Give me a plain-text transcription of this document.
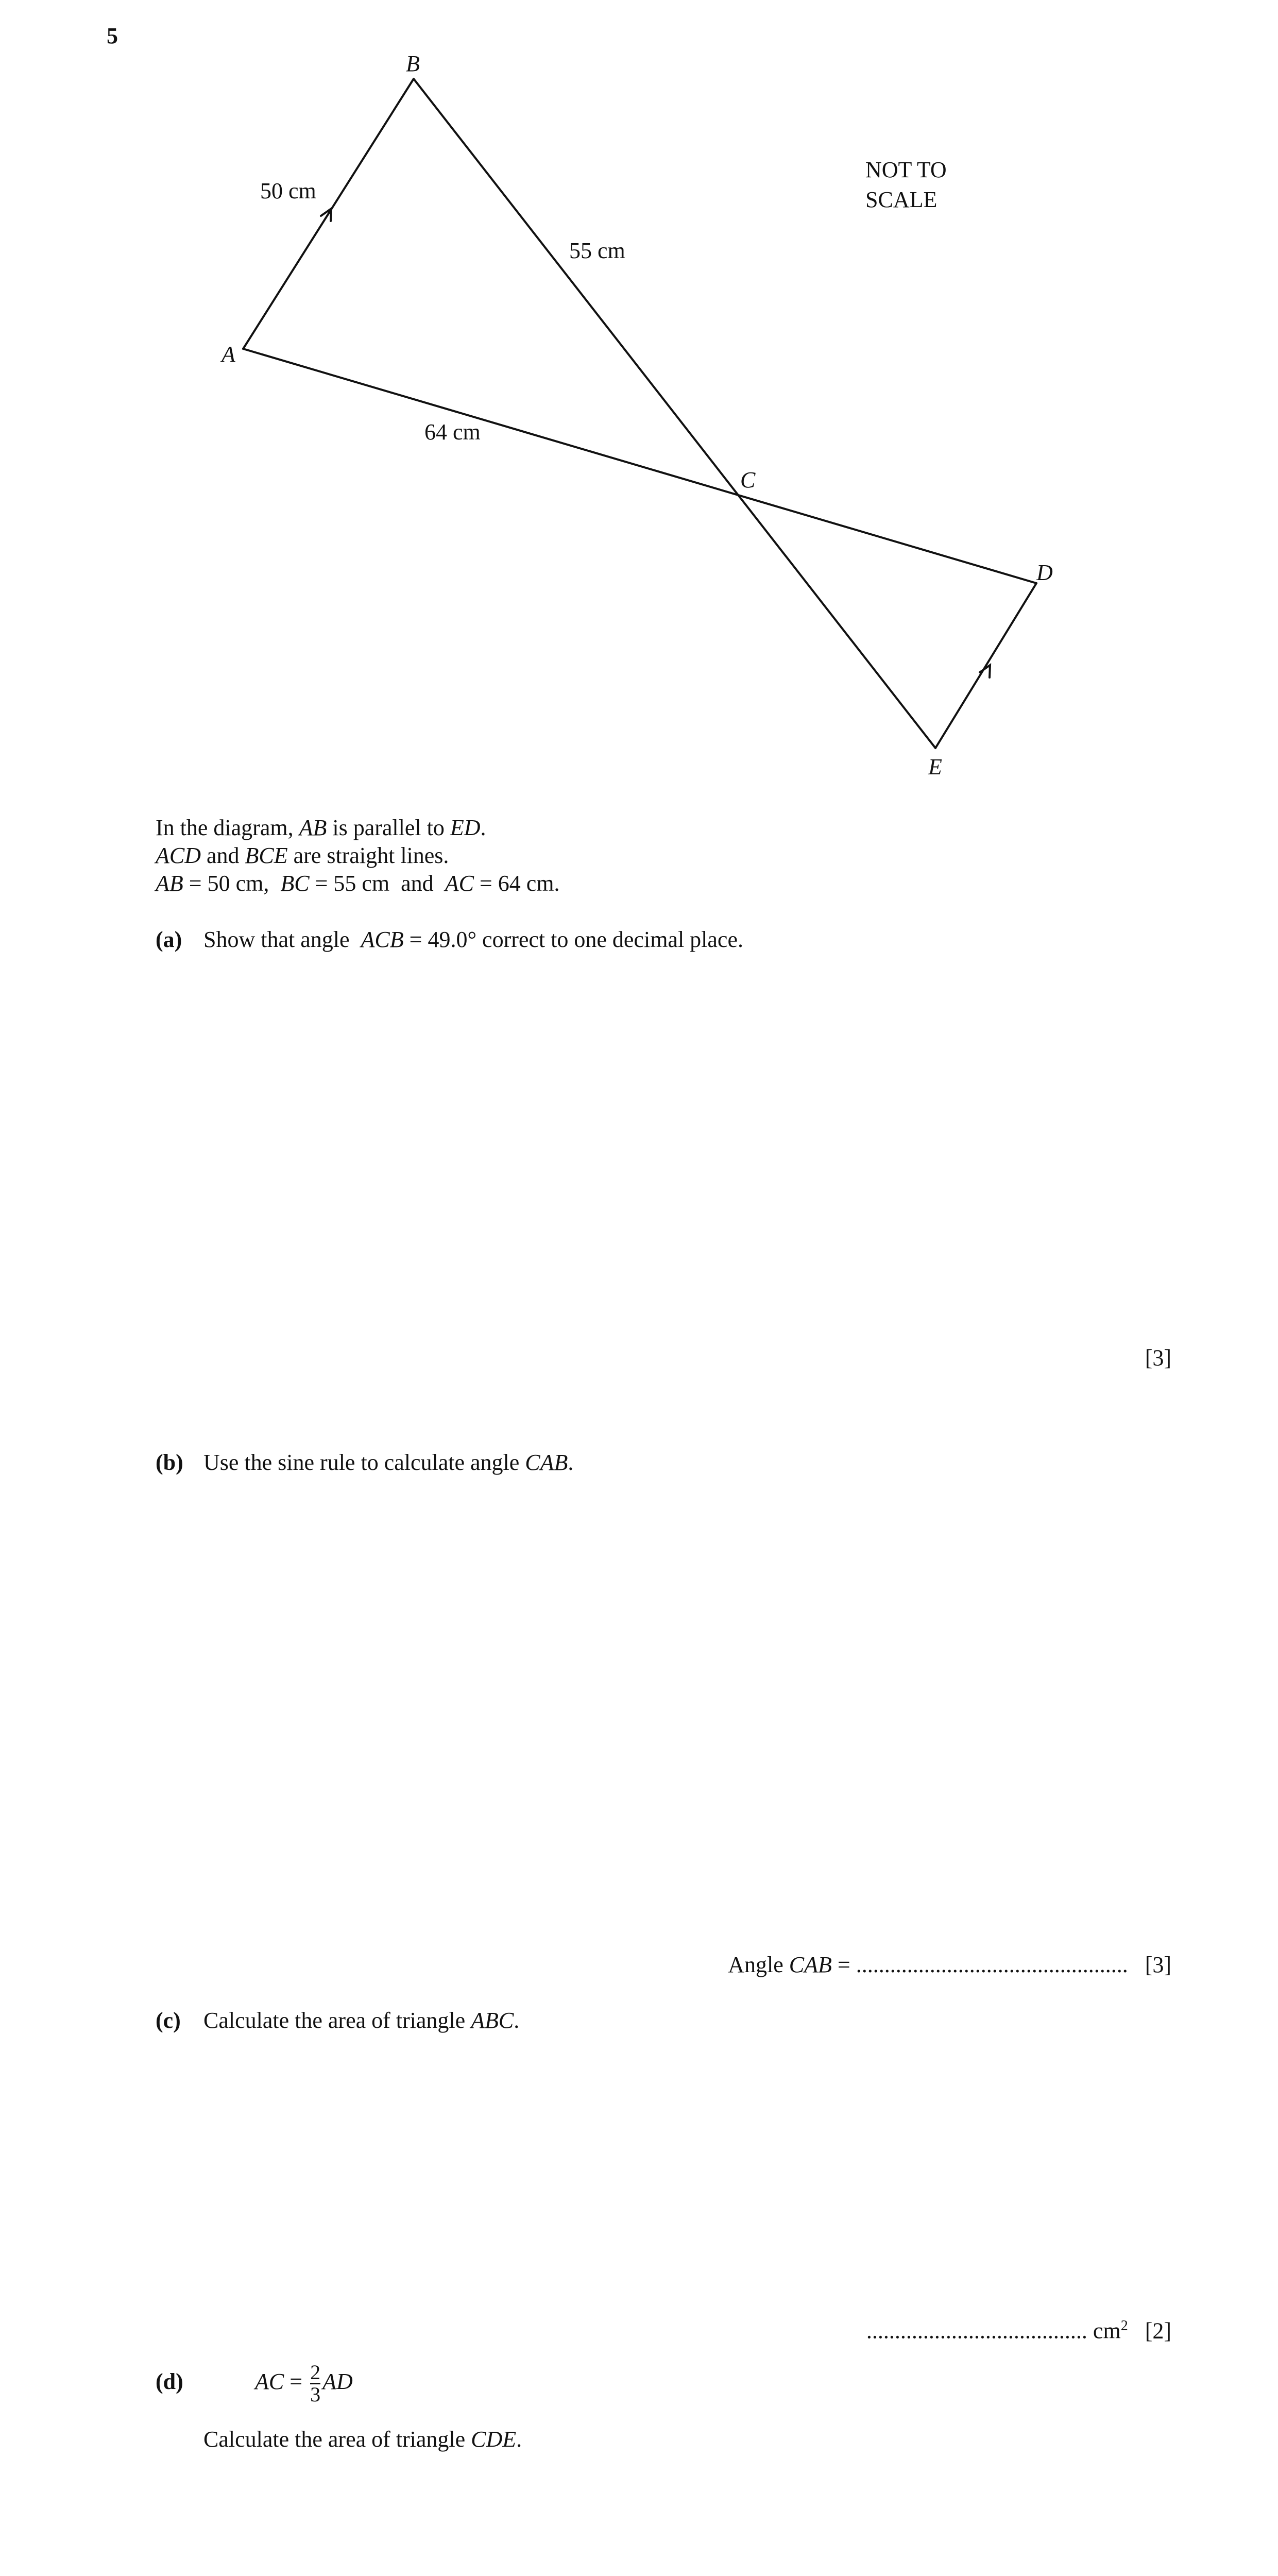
5
B
A
C
D
E
50 cm
55 cm
64 cm
NOT TO
SCALE
In the diagram, AB is parallel to ED.
ACD and BCE are straight lines.
AB = 50 cm,  BC = 55 cm  and  AC = 64 cm.
(a) Show that angle  ACB = 49.0° correct to one decimal place.
[3]
(b) Use the sine rule to calculate angle CAB.
Angle CAB = ................................................ [3]
(c) Calculate the area of triangle ABC.
....................................... $cm^2$ [2]
(d)	AC = $\frac{2}{3}$ AD
Calculate the area of triangle CDE.
